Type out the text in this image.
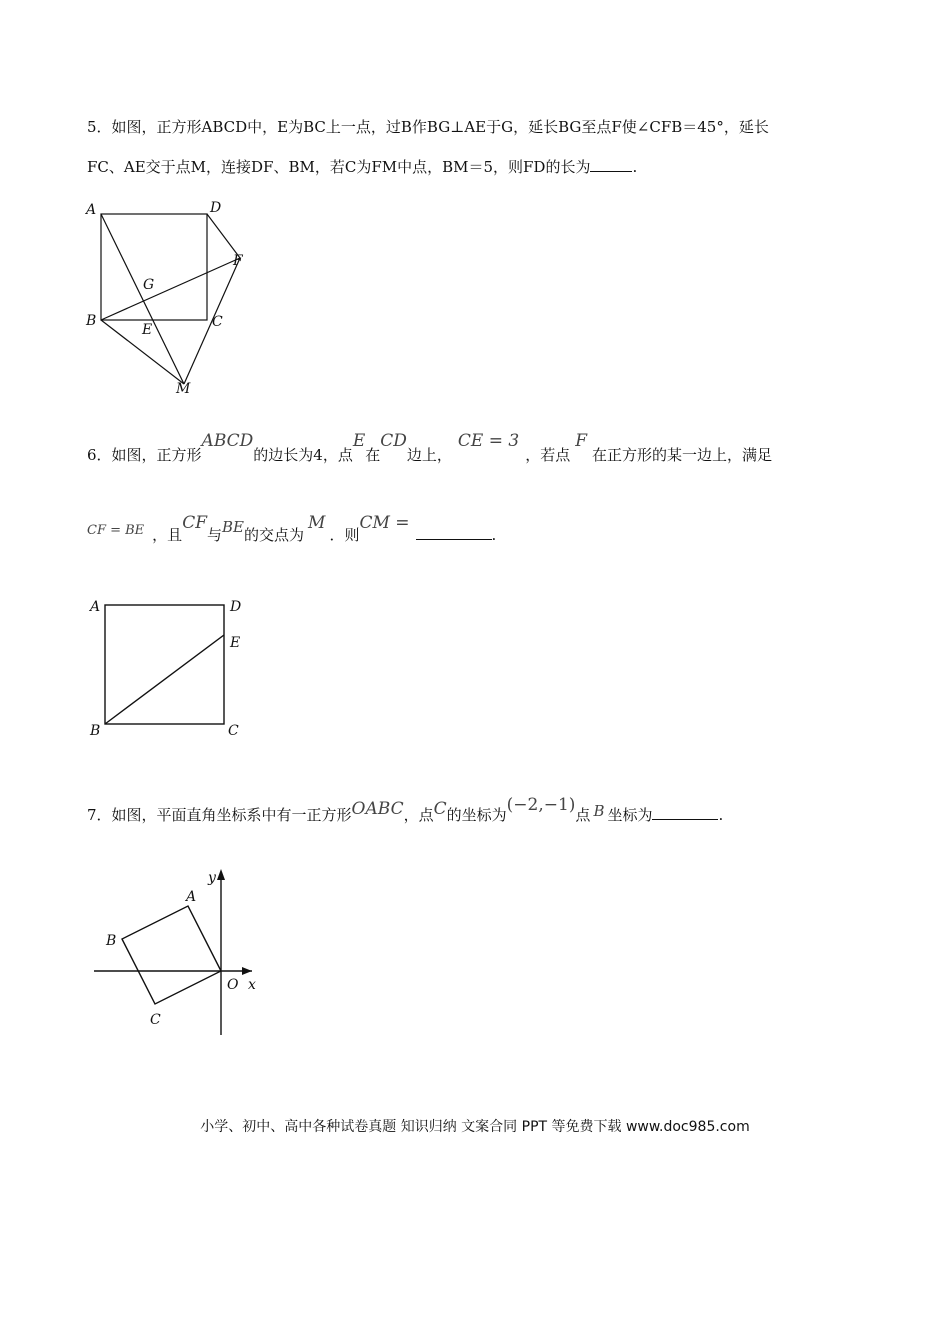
5．如图，正方形ABCD中，E为BC上一点，过B作BG⊥AE于G，延长BG至点F使∠CFB＝45°，延长
FC、AE交于点M，连接DF、BM，若C为FM中点，BM＝5，则FD的长为	.
A	D
F
G
B	C
E
M
6．如图，正方形ABCD的边长为4，点E在CD边上，CE = 3，若点F在正方形的某一边上，满足
CF = BE ，且CF与BE的交点为M．则CM =.
A	D
E
B	C
7．如图，平面直角坐标系中有一正方形OABC，点C的坐标为(−2,−1)点 B 坐标为	.
A
B
C
O x
y
小学、初中、高中各种试卷真题 知识归纳 文案合同 PPT 等免费下载 www.doc985.com
